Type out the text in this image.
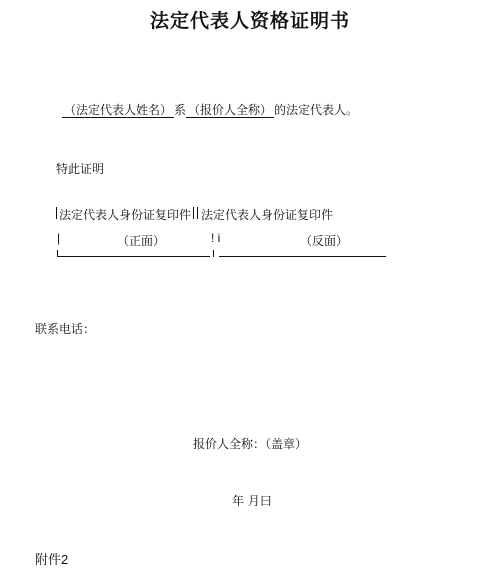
法定代表人资格证明书
（法定代表人姓名） 系 （报价人全称） 的法定代表人。
特此证明
法定代表人身份证复印件 法定代表人身份证复印件
|	（正面）	! i	（反面）
联系电话：
报价人全称：（盖章）
年 月曰
附件2
